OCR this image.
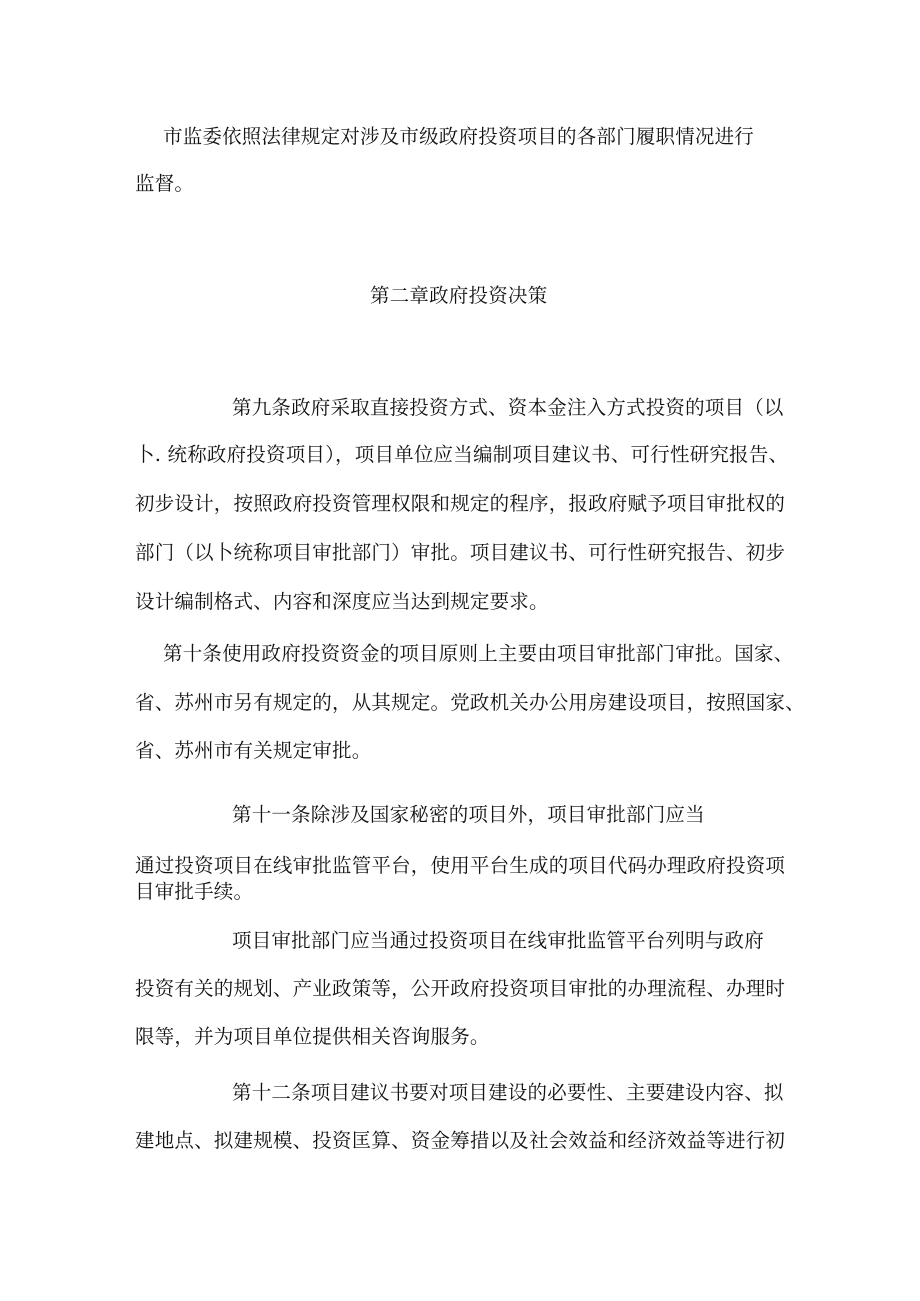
市监委依照法律规定对涉及市级政府投资项目的各部门履职情况进行
监督。
第二章政府投资决策
第九条政府采取直接投资方式、资本金注入方式投资的项目（以
卜. 统称政府投资项目），项目单位应当编制项目建议书、可行性研究报告、
初步设计，按照政府投资管理权限和规定的程序，报政府赋予项目审批权的
部门（以卜统称项目审批部门）审批。项目建议书、可行性研究报告、初步
设计编制格式、内容和深度应当达到规定要求。
第十条使用政府投资资金的项目原则上主要由项目审批部门审批。国家、
省、苏州市另有规定的，从其规定。党政机关办公用房建设项目，按照国家、
省、苏州市有关规定审批。
第十一条除涉及国家秘密的项目外，项目审批部门应当
通过投资项目在线审批监管平台，使用平台生成的项目代码办理政府投资项
目审批手续。
项目审批部门应当通过投资项目在线审批监管平台列明与政府
投资有关的规划、产业政策等，公开政府投资项目审批的办理流程、办理时
限等，并为项目单位提供相关咨询服务。
第十二条项目建议书要对项目建设的必要性、主要建设内容、拟
建地点、拟建规模、投资匡算、资金筹措以及社会效益和经济效益等进行初
